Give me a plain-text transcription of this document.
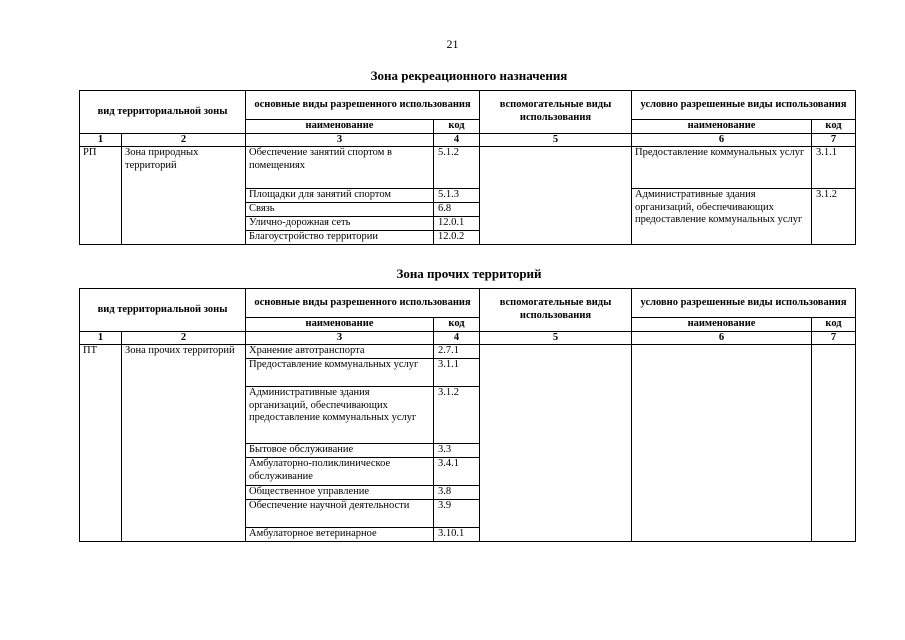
21
Зона рекреационного назначения
вид территориальной зоны		основные виды разрешенного использования		вспомогательные виды использования	условно разрешенные виды использования	
		наименование	код		наименование	код
1	2	3	4	5	6	7
РП	Зона природных территорий	Обеспечение занятий спортом в помещениях	5.1.2		Предоставление коммунальных услуг	3.1.1

		Площадки для занятий спортом	5.1.3		Административные здания организаций, обеспечивающих предоставление коммунальных услуг	3.1.2
		Связь	6.8			
		Улично-дорожная сеть	12.0.1			
		Благоустройство территории	12.0.2			
Зона прочих территорий
вид территориальной зоны		основные виды разрешенного использования		вспомогательные виды использования	условно разрешенные виды использования	
		наименование	код		наименование	код
1	2	3	4	5	6	7
ПТ	Зона прочих территорий	Хранение автотранспорта	2.7.1			
		Предоставление коммунальных услуг	3.1.1			
		Административные здания организаций, обеспечивающих предоставление коммунальных услуг	3.1.2			
		Бытовое обслуживание	3.3			
		Амбулаторно-поликлиническое обслуживание	3.4.1			
		Общественное управление	3.8			
		Обеспечение научной деятельности	3.9			
		Амбулаторное ветеринарное	3.10.1			
